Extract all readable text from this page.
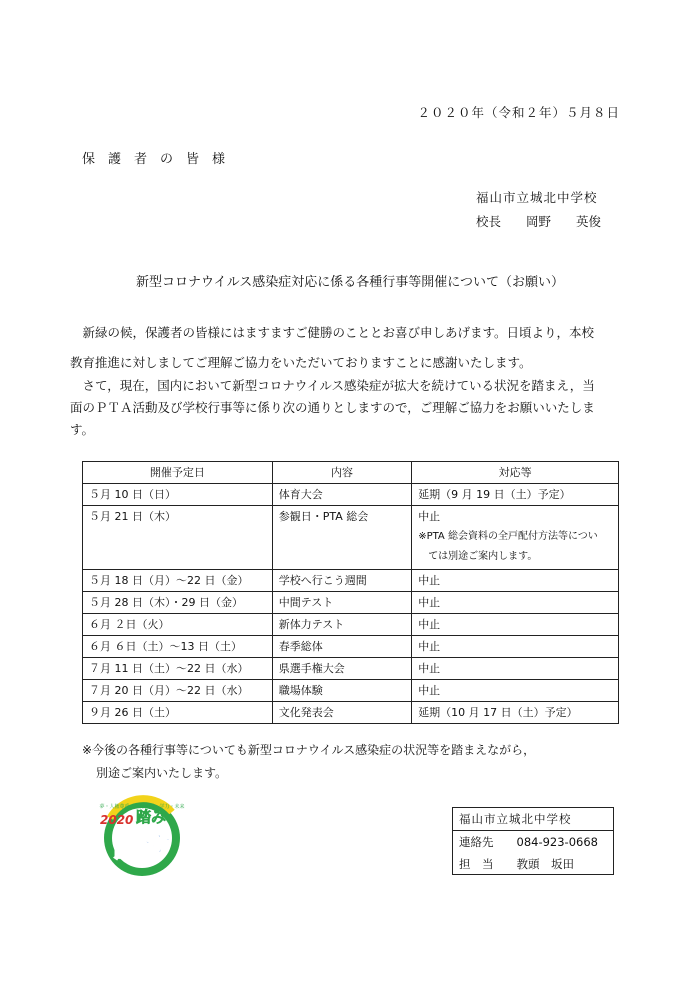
２０２０年（令和２年）５月８日
保　護　者　の　皆　様
福山市立城北中学校
校長　　岡野　　英俊
新型コロナウイルス感染症対応に係る各種行事等開催について（お願い）
　新緑の候，保護者の皆様にはますますご健勝のこととお喜び申しあげます。日頃より，本校
教育推進に対しましてご理解ご協力をいただいておりますことに感謝いたします。
　さて，現在，国内において新型コロナウイルス感染症が拡大を続けている状況を踏まえ，当
面のＰＴＡ活動及び学校行事等に係り次の通りとしますので，ご理解ご協力をお願いいたしま
す。
開催予定日	内容	対応等
５月 10 日（日）	体育大会	延期（9 月 19 日（土）予定）
５月 21 日（木）	参観日・PTA 総会	中止
※PTA 総会資料の全戸配付方法等につい
ては別途ご案内します。

５月 18 日（月）～22 日（金）	学校へ行こう週間	中止
５月 28 日（木）・29 日（金）	中間テスト	中止
６月 ２日（火）	新体力テスト	中止
６月 ６日（土）～13 日（土）	春季総体	中止
７月 11 日（土）～22 日（水）	県選手権大会	中止
７月 20 日（月）～22 日（水）	職場体験	中止
９月 26 日（土）	文化発表会	延期（10 月 17 日（土）予定）
※今後の各種行事等についても新型コロナウイルス感染症の状況等を踏まえながら，
別途ご案内いたします。
夢・人権尊重・教育活動・学力・未来
2020 踏み
出す
福山市立城北中学校
連絡先　　084-923-0668
担　当　　教頭　坂田
